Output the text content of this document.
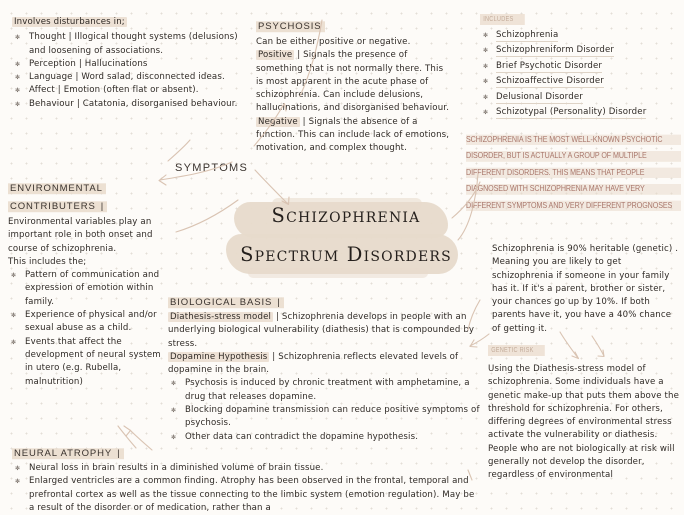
Involves disturbances in;
✻ Thought | Illogical thought systems (delusions) and loosening of associations.
✻ Perception | Hallucinations
✻ Language | Word salad, disconnected ideas.
✻ Affect | Emotion (often flat or absent).
✻ Behaviour | Catatonia, disorganised behaviour.
SYMPTOMS
PSYCHOSIS
Can be either positive or negative.
Positive | Signals the presence of something that is not normally there. This is most apparent in the acute phase of schizophrenia. Can include delusions, hallucinations, and disorganised behaviour.
Negative | Signals the absence of a function. This can include lack of emotions, motivation, and complex thought.
INCLUDES
✻ Schizophrenia
✻ Schizophreniform Disorder
✻ Brief Psychotic Disorder
✻ Schizoaffective Disorder
✻ Delusional Disorder
✻ Schizotypal (Personality) Disorder
SCHIZOPHRENIA IS THE MOST WELL-KNOWN PSYCHOTIC
DISORDER, BUT IS ACTUALLY A GROUP OF MULTIPLE
DIFFERENT DISORDERS. THIS MEANS THAT PEOPLE
DIAGNOSED WITH SCHIZOPHRENIA MAY HAVE VERY
DIFFERENT SYMPTOMS AND VERY DIFFERENT PROGNOSES
Schizophrenia
Spectrum Disorders	Schizophrenia is 90% heritable (genetic) . Meaning you are likely to get schizophrenia if someone in your family has it. If it's a parent, brother or sister, your chances go up by 10%. If both parents have it, you have a 40% chance of getting it.
GENETIC RISK
Using the Diathesis-stress model of schizophrenia. Some individuals have a genetic make-up that puts them above the threshold for schizophrenia. For others, differing degrees of environmental stress activate the vulnerability or diathesis. People who are not biologically at risk will generally not develop the disorder, regardless of environmental
ENVIRONMENTAL
CONTRIBUTERS |
Environmental variables play an important role in both onset and course of schizophrenia.
This includes the;
✻ Pattern of communication and expression of emotion within family.
✻ Experience of physical and/or sexual abuse as a child.
✻ Events that affect the development of neural system in utero (e.g. Rubella, malnutrition)
BIOLOGICAL BASIS |
Diathesis-stress model | Schizophrenia develops in people with an underlying biological vulnerability (diathesis) that is compounded by stress.
Dopamine Hypothesis | Schizophrenia reflects elevated levels of dopamine in the brain.
✻ Psychosis is induced by chronic treatment with amphetamine, a drug that releases dopamine.
✻ Blocking dopamine transmission can reduce positive symptoms of psychosis.
✻ Other data can contradict the dopamine hypothesis.
NEURAL ATROPHY |
✻ Neural loss in brain results in a diminished volume of brain tissue.
✻ Enlarged ventricles are a common finding. Atrophy has been observed in the frontal, temporal and prefrontal cortex as well as the tissue connecting to the limbic system (emotion regulation). May be a result of the disorder or of medication, rather than a
